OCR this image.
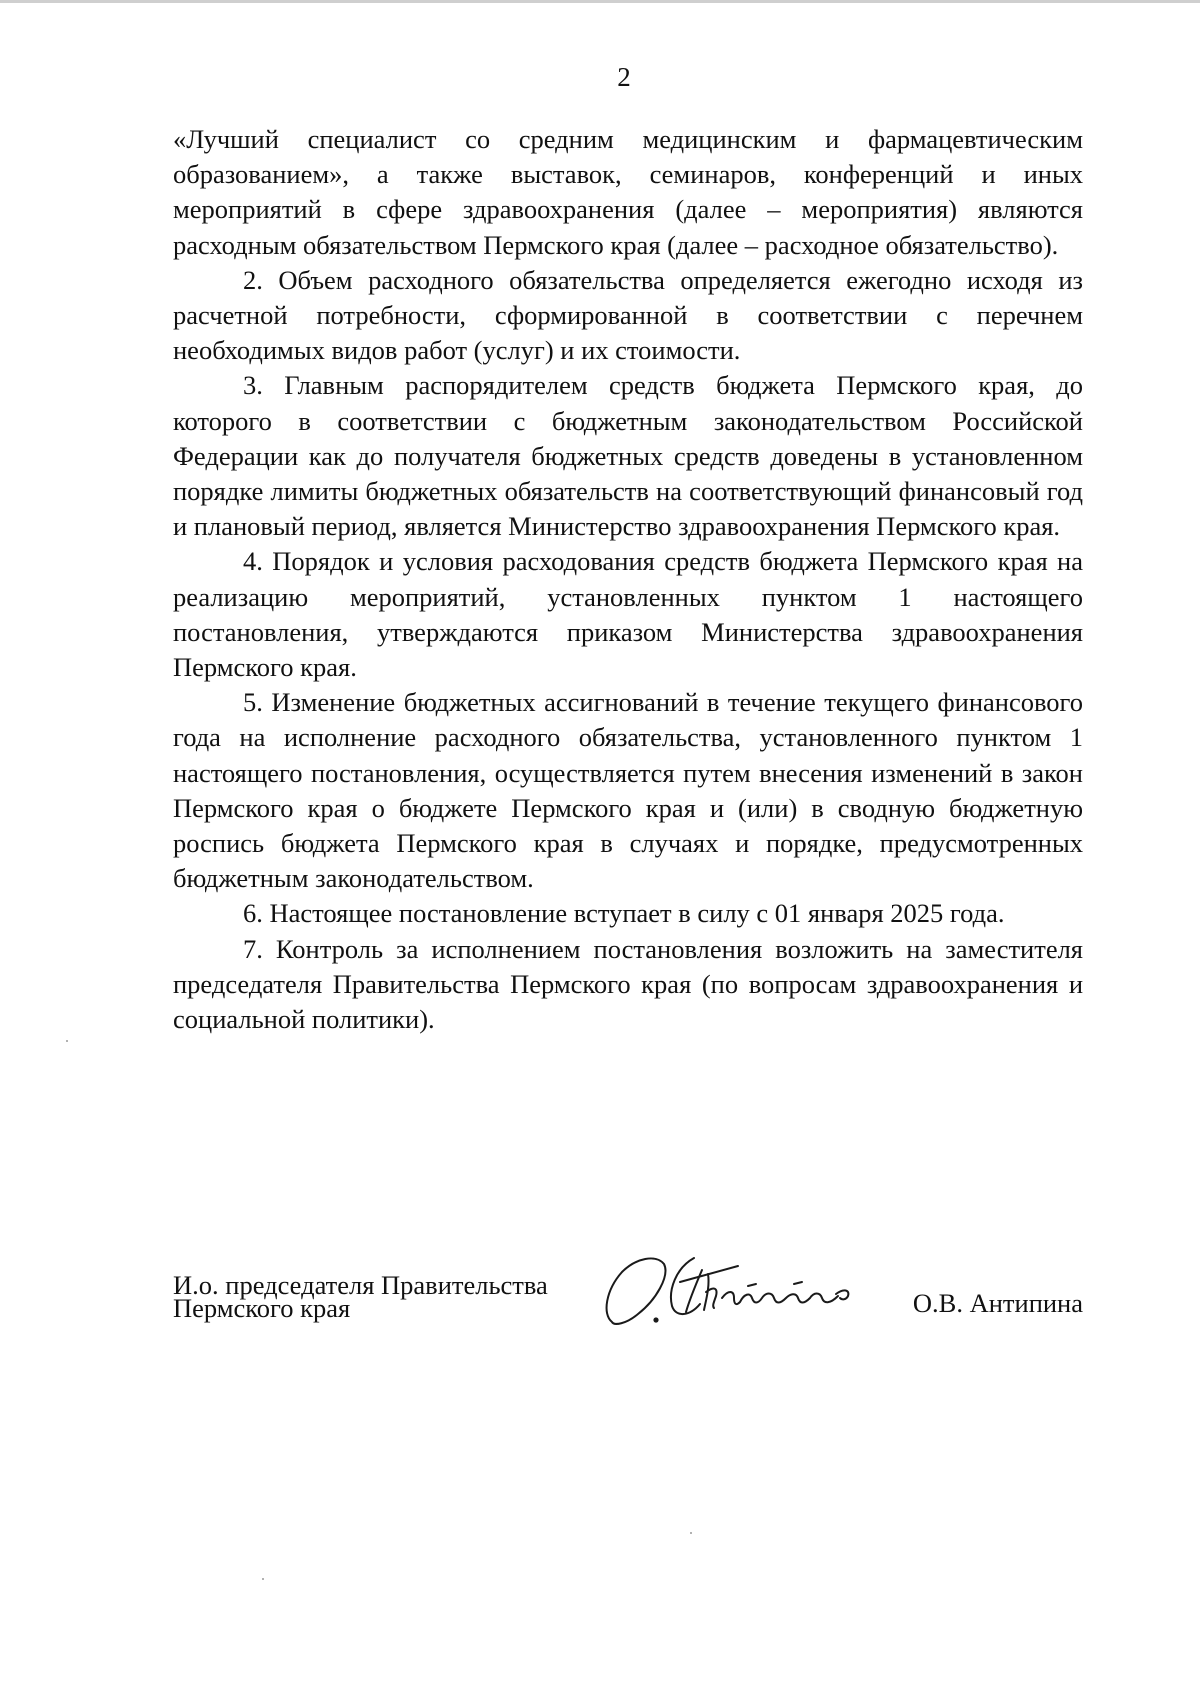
2

«Лучший специалист со средним медицинским и фармацевтическим образованием», а также выставок, семинаров, конференций и иных мероприятий в сфере здравоохранения (далее – мероприятия) являются расходным обязательством Пермского края (далее – расходное обязательство).

2. Объем расходного обязательства определяется ежегодно исходя из расчетной потребности, сформированной в соответствии с перечнем необходимых видов работ (услуг) и их стоимости.

3. Главным распорядителем средств бюджета Пермского края, до которого в соответствии с бюджетным законодательством Российской Федерации как до получателя бюджетных средств доведены в установленном порядке лимиты бюджетных обязательств на соответствующий финансовый год и плановый период, является Министерство здравоохранения Пермского края.

4. Порядок и условия расходования средств бюджета Пермского края на реализацию мероприятий, установленных пунктом 1 настоящего постановления, утверждаются приказом Министерства здравоохранения Пермского края.

5. Изменение бюджетных ассигнований в течение текущего финансового года на исполнение расходного обязательства, установленного пунктом 1 настоящего постановления, осуществляется путем внесения изменений в закон Пермского края о бюджете Пермского края и (или) в сводную бюджетную роспись бюджета Пермского края в случаях и порядке, предусмотренных бюджетным законодательством.

6. Настоящее постановление вступает в силу с 01 января 2025 года.

7. Контроль за исполнением постановления возложить на заместителя председателя Правительства Пермского края (по вопросам здравоохранения и социальной политики).

И.о. председателя Правительства
Пермского края	О.В. Антипина
